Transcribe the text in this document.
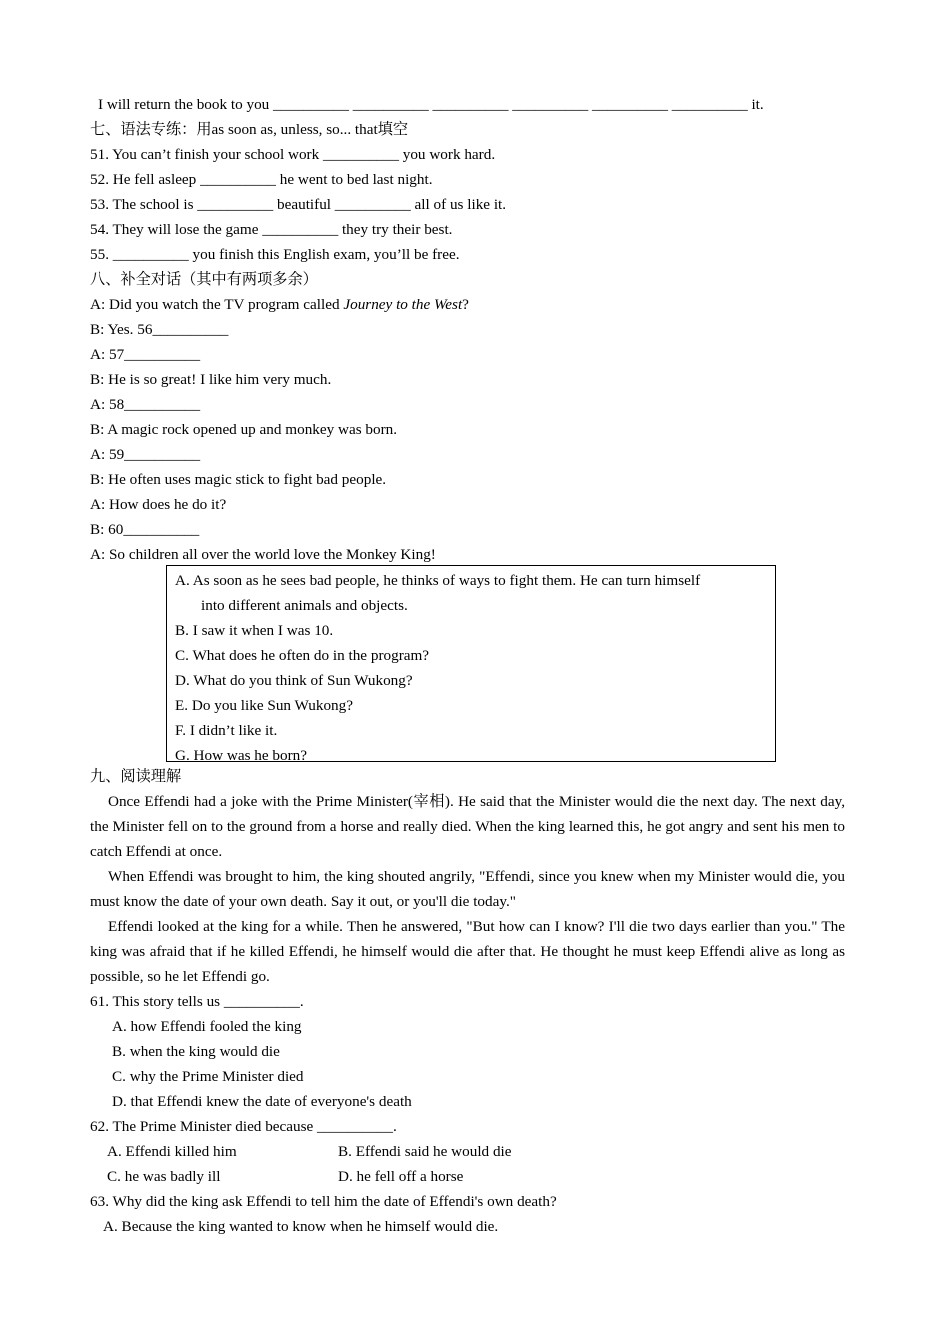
I will return the book to you __________ __________ __________ __________ __________ __________ it.
七、语法专练：用as soon as, unless, so... that填空
51. You can’t finish your school work __________ you work hard.
52. He fell asleep __________ he went to bed last night.
53. The school is __________ beautiful __________ all of us like it.
54. They will lose the game __________ they try their best.
55. __________ you finish this English exam, you’ll be free.
八、补全对话（其中有两项多余）
A: Did you watch the TV program called Journey to the West?
B: Yes. 56__________
A: 57__________
B: He is so great! I like him very much.
A: 58__________
B: A magic rock opened up and monkey was born.
A: 59__________
B: He often uses magic stick to fight bad people.
A: How does he do it?
B: 60__________
A: So children all over the world love the Monkey King!
A. As soon as he sees bad people, he thinks of ways to fight them. He can turn himself
into different animals and objects.
B. I saw it when I was 10.
C. What does he often do in the program?
D. What do you think of Sun Wukong?
E. Do you like Sun Wukong?
F. I didn’t like it.
G. How was he born?
九、阅读理解
Once Effendi had a joke with the Prime Minister(宰相). He said that the Minister would die the next day. The next day, the Minister fell on to the ground from a horse and really died. When the king learned this, he got angry and sent his men to catch Effendi at once.
When Effendi was brought to him, the king shouted angrily, "Effendi, since you knew when my Minister would die, you must know the date of your own death. Say it out, or you'll die today."
Effendi looked at the king for a while. Then he answered, "But how can I know? I'll die two days earlier than you." The king was afraid that if he killed Effendi, he himself would die after that. He thought he must keep Effendi alive as long as possible, so he let Effendi go.
61. This story tells us __________.
A. how Effendi fooled the king
B. when the king would die
C. why the Prime Minister died
D. that Effendi knew the date of everyone's death
62. The Prime Minister died because __________.
A. Effendi killed him	B. Effendi said he would die
C. he was badly ill	D. he fell off a horse
63. Why did the king ask Effendi to tell him the date of Effendi's own death?
A. Because the king wanted to know when he himself would die.
